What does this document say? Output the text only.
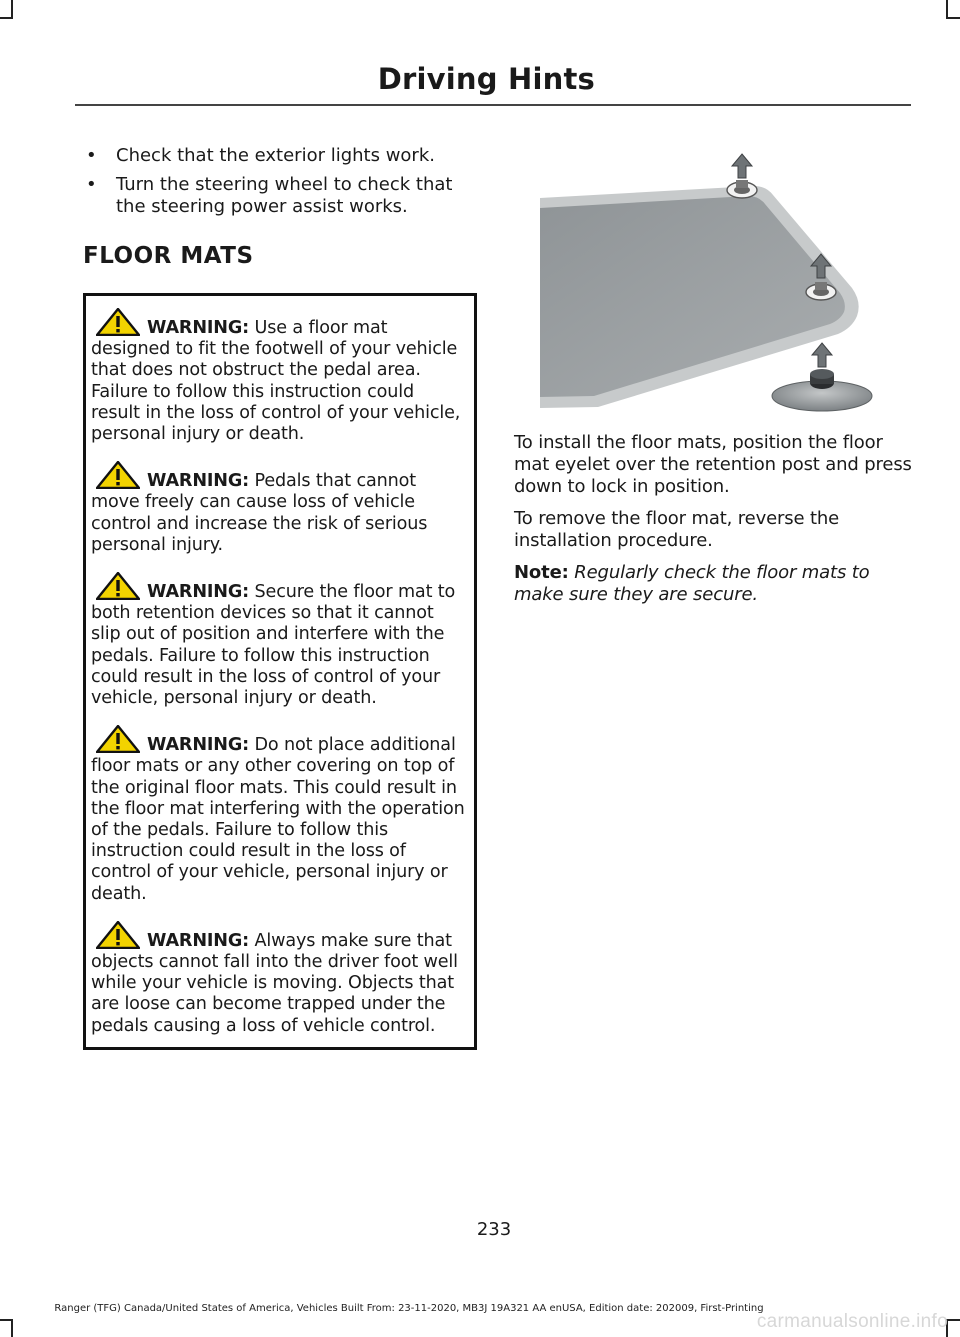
Driving Hints
• Check that the exterior lights work.
• Turn the steering wheel to check that the steering power assist works.
FLOOR MATS
WARNING: Use a floor mat designed to fit the footwell of your vehicle that does not obstruct the pedal area. Failure to follow this instruction could result in the loss of control of your vehicle, personal injury or death.
WARNING: Pedals that cannot move freely can cause loss of vehicle control and increase the risk of serious personal injury.
WARNING: Secure the floor mat to both retention devices so that it cannot slip out of position and interfere with the pedals. Failure to follow this instruction could result in the loss of control of your vehicle, personal injury or death.
WARNING: Do not place additional floor mats or any other covering on top of the original floor mats. This could result in the floor mat interfering with the operation of the pedals. Failure to follow this instruction could result in the loss of control of your vehicle, personal injury or death.
WARNING: Always make sure that objects cannot fall into the driver foot well while your vehicle is moving. Objects that are loose can become trapped under the pedals causing a loss of vehicle control.

To install the floor mats, position the floor mat eyelet over the retention post and press down to lock in position.

To remove the floor mat, reverse the installation procedure.

Note: Regularly check the floor mats to make sure they are secure.

233
Ranger (TFG) Canada/United States of America, Vehicles Built From: 23-11-2020, MB3J 19A321 AA enUSA, Edition date: 202009, First-Printing
carmanualsonline.info
